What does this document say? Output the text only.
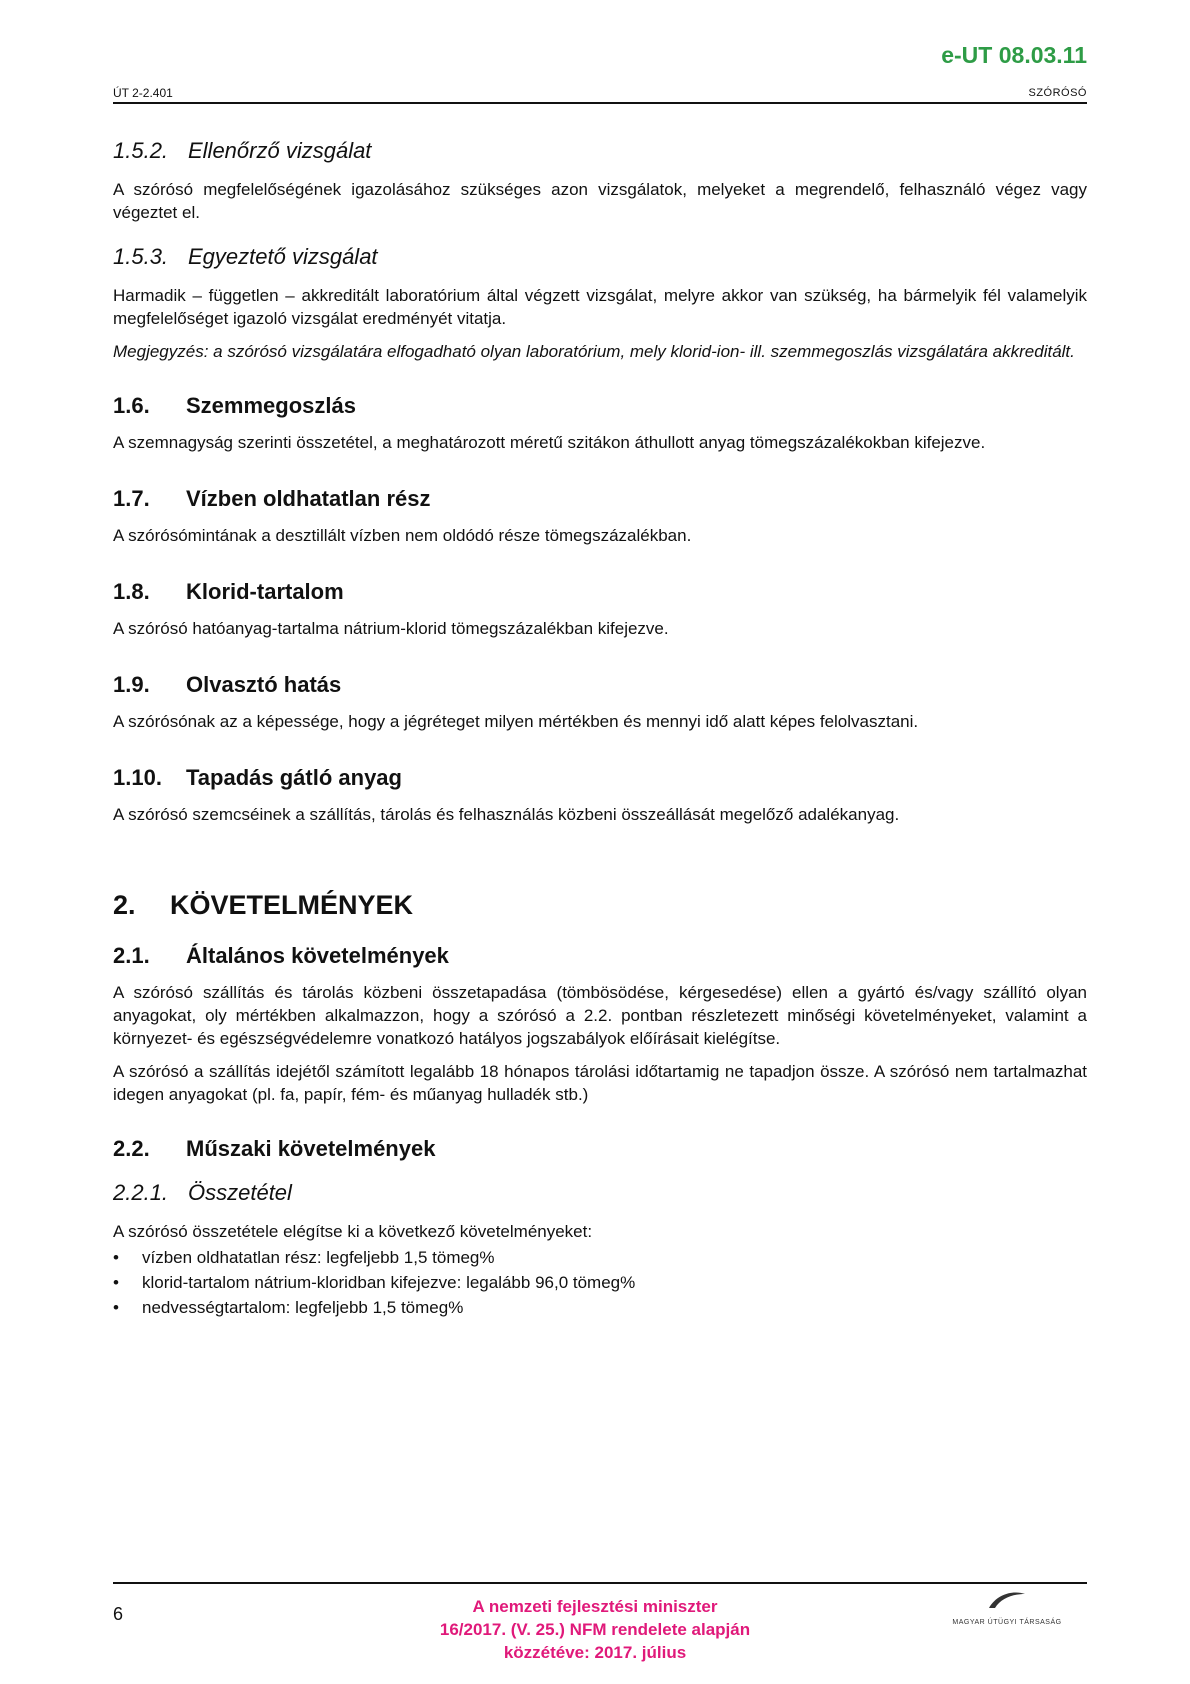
e-UT 08.03.11
ÚT 2-2.401	SZÓRÓSÓ
1.5.2. Ellenőrző vizsgálat

A szórósó megfelelőségének igazolásához szükséges azon vizsgálatok, melyeket a megrendelő, felhasználó végez vagy végeztet el.

1.5.3. Egyeztető vizsgálat

Harmadik – független – akkreditált laboratórium által végzett vizsgálat, melyre akkor van szükség, ha bármelyik fél valamelyik megfelelőséget igazoló vizsgálat eredményét vitatja.

Megjegyzés: a szórósó vizsgálatára elfogadható olyan laboratórium, mely klorid-ion- ill. szemmegoszlás vizsgálatára akkreditált.

1.6. Szemmegoszlás

A szemnagyság szerinti összetétel, a meghatározott méretű szitákon áthullott anyag tömegszázalékokban kifejezve.

1.7. Vízben oldhatatlan rész

A szórósómintának a desztillált vízben nem oldódó része tömegszázalékban.

1.8. Klorid-tartalom

A szórósó hatóanyag-tartalma nátrium-klorid tömegszázalékban kifejezve.

1.9. Olvasztó hatás

A szórósónak az a képessége, hogy a jégréteget milyen mértékben és mennyi idő alatt képes felolvasztani.

1.10. Tapadás gátló anyag

A szórósó szemcséinek a szállítás, tárolás és felhasználás közbeni összeállását megelőző adalékanyag.

2. KÖVETELMÉNYEK
2.1. Általános követelmények

A szórósó szállítás és tárolás közbeni összetapadása (tömbösödése, kérgesedése) ellen a gyártó és/vagy szállító olyan anyagokat, oly mértékben alkalmazzon, hogy a szórósó a 2.2. pontban részletezett minőségi követelményeket, valamint a környezet- és egészségvédelemre vonatkozó hatályos jogszabályok előírásait kielégítse.

A szórósó a szállítás idejétől számított legalább 18 hónapos tárolási időtartamig ne tapadjon össze. A szórósó nem tartalmazhat idegen anyagokat (pl. fa, papír, fém- és műanyag hulladék stb.)

2.2. Műszaki követelmények
2.2.1. Összetétel

A szórósó összetétele elégítse ki a következő követelményeket:

• vízben oldhatatlan rész: legfeljebb 1,5 tömeg%
• klorid-tartalom nátrium-kloridban kifejezve: legalább 96,0 tömeg%
• nedvességtartalom: legfeljebb 1,5 tömeg%
6	A nemzeti fejlesztési miniszter
16/2017. (V. 25.) NFM rendelete alapján
közzétéve: 2017. július
MAGYAR ÚTÜGYI TÁRSASÁG
